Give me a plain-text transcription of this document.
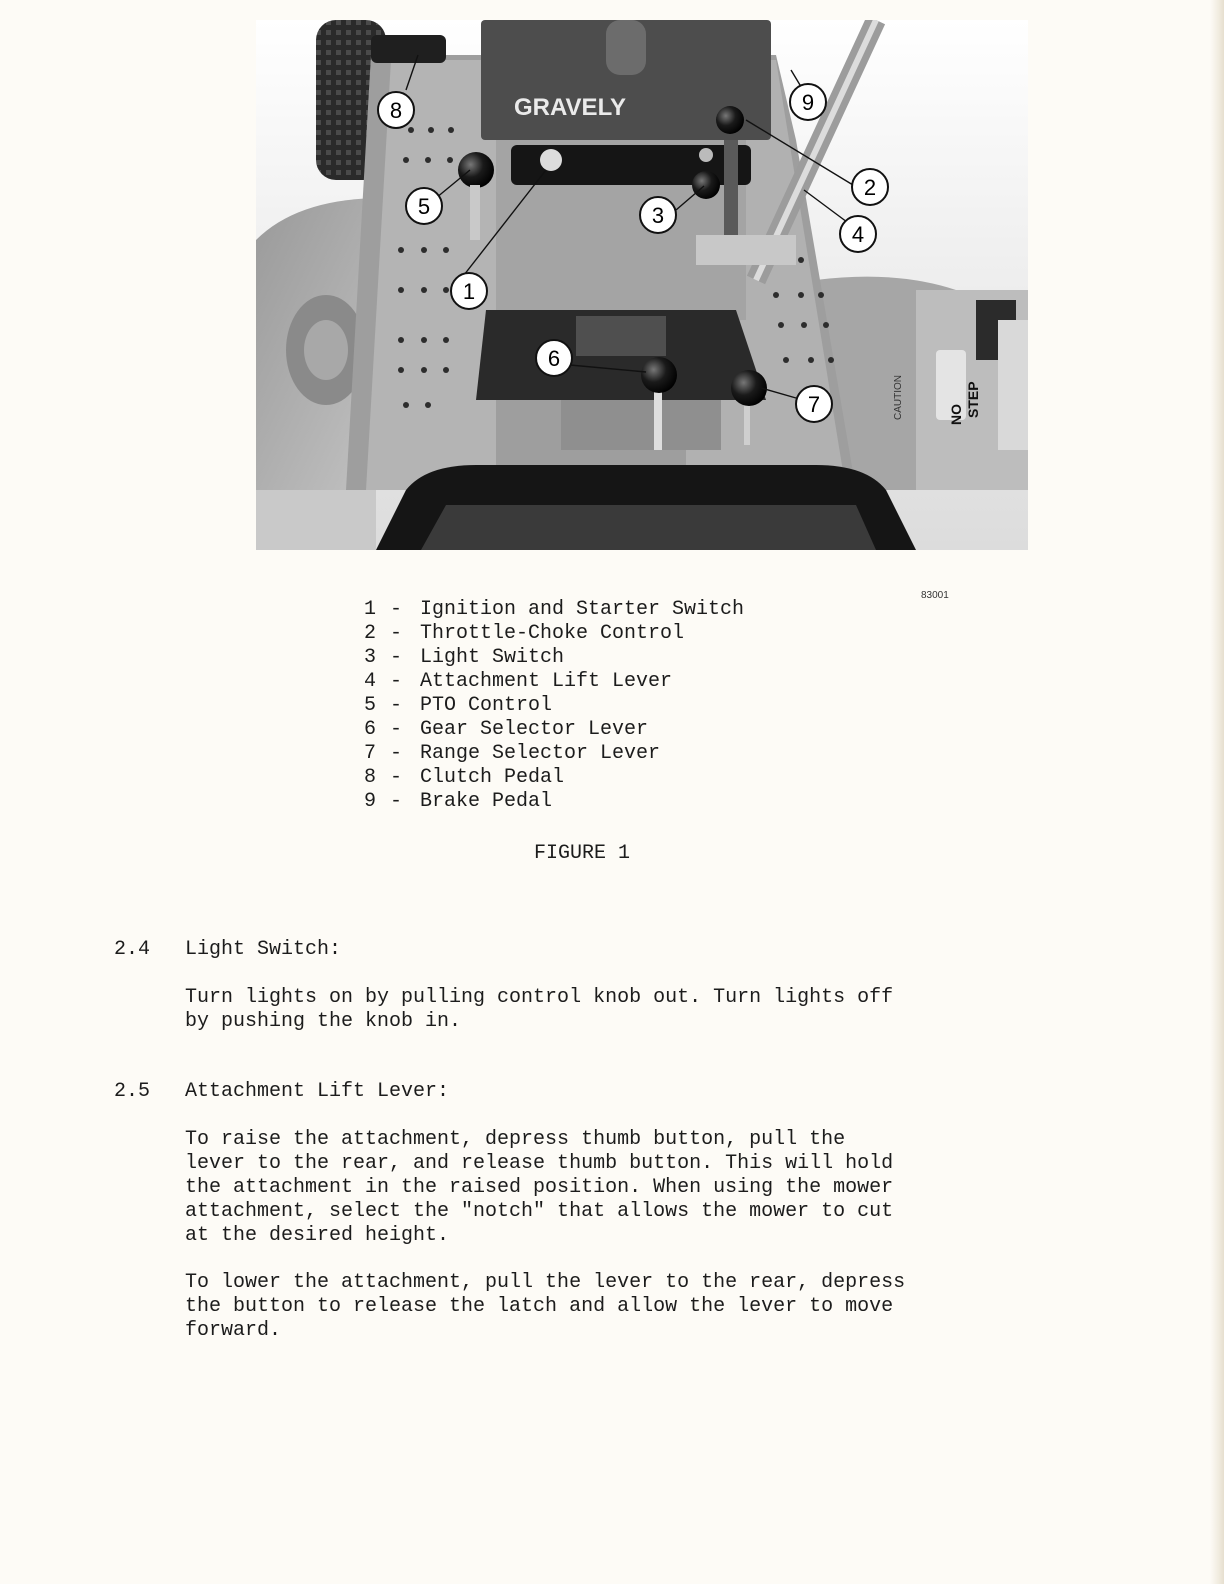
GRAVELY
NO STEP
CAUTION
8	9
2
4
5	3
1
6
7
83001
1 - Ignition and Starter Switch
2 - Throttle-Choke Control
3 - Light Switch
4 - Attachment Lift Lever
5 - PTO Control
6 - Gear Selector Lever
7 - Range Selector Lever
8 - Clutch Pedal
9 - Brake Pedal
FIGURE 1
2.4 Light Switch:
Turn lights on by pulling control knob out. Turn lights off
by pushing the knob in.
2.5 Attachment Lift Lever:
To raise the attachment, depress thumb button, pull the
lever to the rear, and release thumb button. This will hold
the attachment in the raised position. When using the mower
attachment, select the "notch" that allows the mower to cut
at the desired height.
To lower the attachment, pull the lever to the rear, depress
the button to release the latch and allow the lever to move
forward.
